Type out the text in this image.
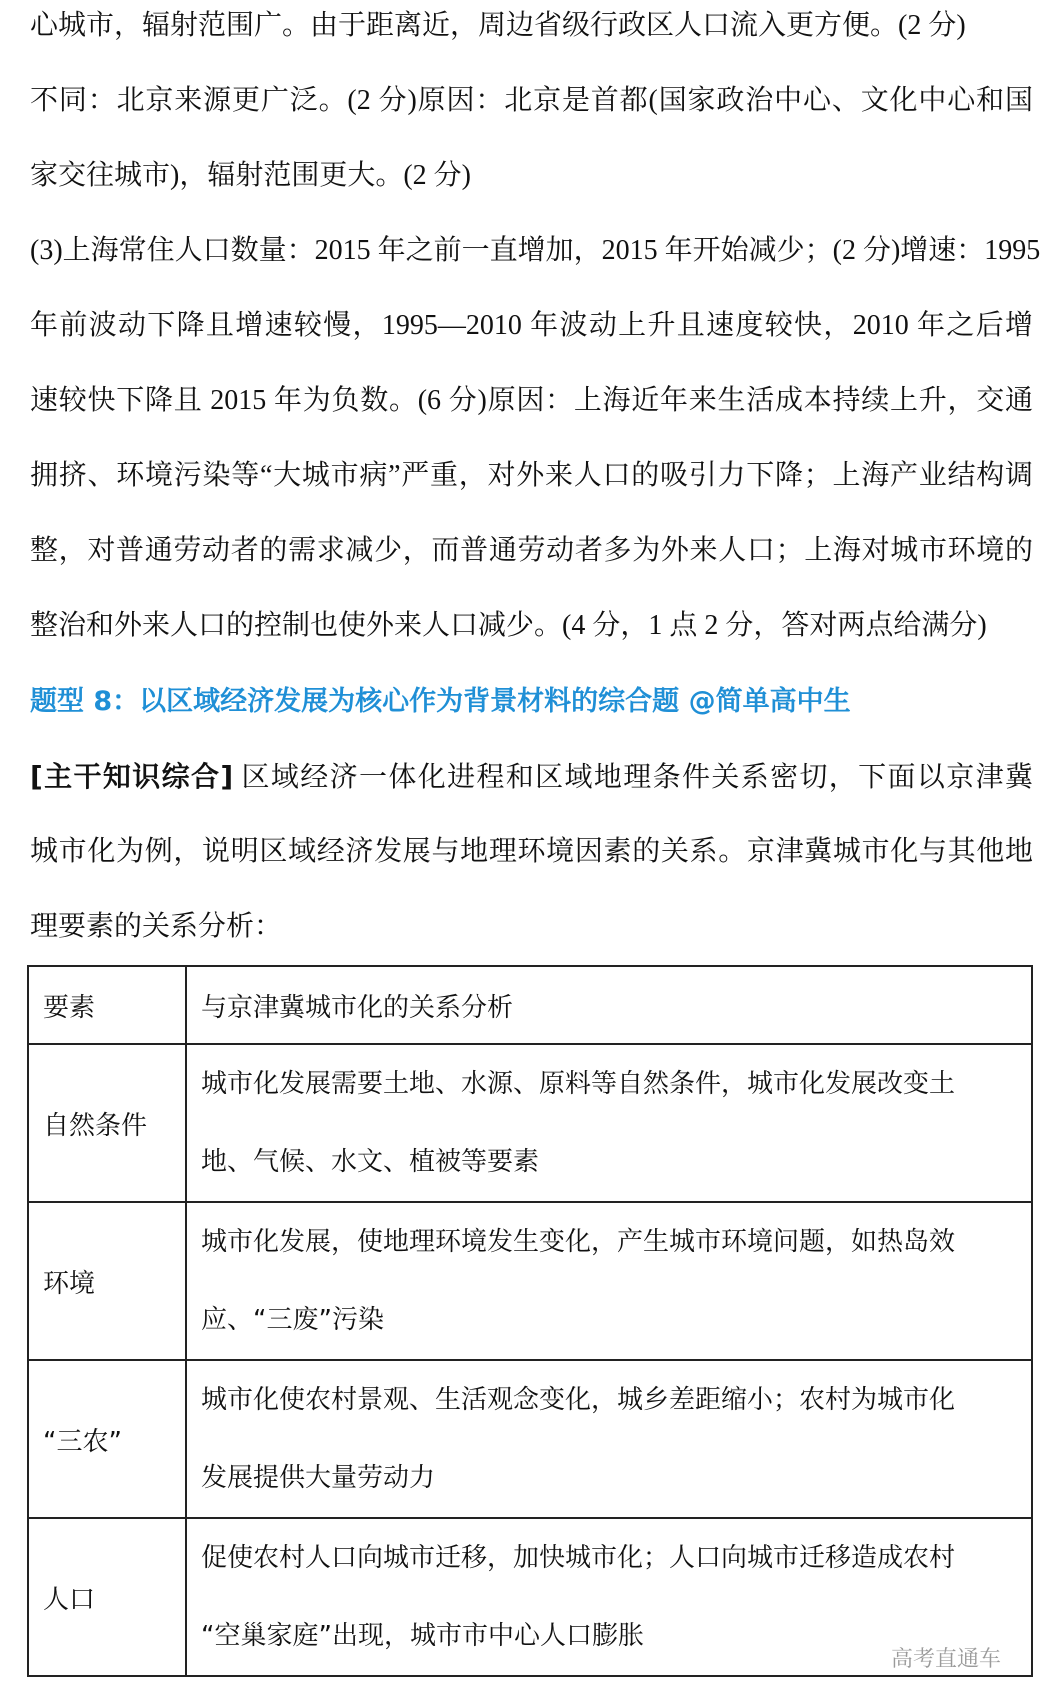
心城市，辐射范围广。由于距离近，周边省级行政区人口流入更方便。(2 分)
不同：北京来源更广泛。(2 分)原因：北京是首都(国家政治中心、文化中心和国
家交往城市)，辐射范围更大。(2 分)
(3)上海常住人口数量：2015 年之前一直增加，2015 年开始减少；(2 分)增速：1995
年前波动下降且增速较慢，1995—2010 年波动上升且速度较快，2010 年之后增
速较快下降且 2015 年为负数。(6 分)原因：上海近年来生活成本持续上升，交通
拥挤、环境污染等“大城市病”严重，对外来人口的吸引力下降；上海产业结构调
整，对普通劳动者的需求减少，而普通劳动者多为外来人口；上海对城市环境的
整治和外来人口的控制也使外来人口减少。(4 分，1 点 2 分，答对两点给满分)
题型 8：以区域经济发展为核心作为背景材料的综合题 @简单高中生
[主干知识综合] 区域经济一体化进程和区域地理条件关系密切，下面以京津冀
城市化为例，说明区域经济发展与地理环境因素的关系。京津冀城市化与其他地
理要素的关系分析：
要素	与京津冀城市化的关系分析
自然条件	城市化发展需要土地、水源、原料等自然条件，城市化发展改变土
地、气候、水文、植被等要素

环境	城市化发展，使地理环境发生变化，产生城市环境问题，如热岛效
应、“三废”污染

“三农”	城市化使农村景观、生活观念变化，城乡差距缩小；农村为城市化
发展提供大量劳动力

人口	促使农村人口向城市迁移，加快城市化；人口向城市迁移造成农村
“空巢家庭”出现，城市市中心人口膨胀
高考直通车
